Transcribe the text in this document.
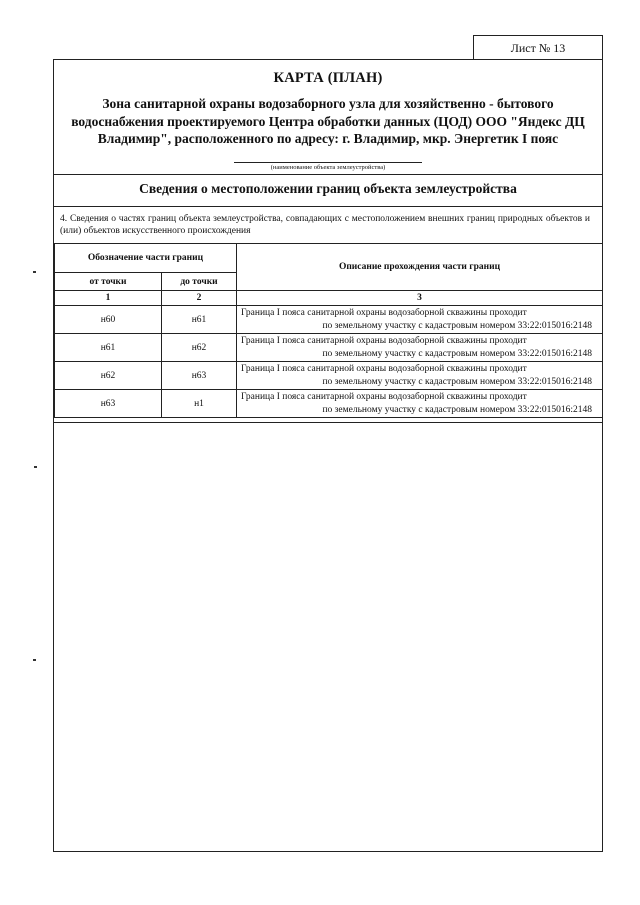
Лист № 13
КАРТА (ПЛАН)
Зона санитарной охраны водозаборного узла для хозяйственно - бытового водоснабжения проектируемого Центра обработки данных (ЦОД) ООО "Яндекс ДЦ Владимир", расположенного по адресу: г. Владимир, мкр. Энергетик I пояс
(наименование объекта землеустройства)
Сведения о местоположении границ объекта землеустройства
4. Сведения о частях границ объекта землеустройства, совпадающих с местоположением внешних границ природных объектов и (или) объектов искусственного происхождения
Обозначение части границ		Описание прохождения части границ
от точки	до точки	
1	2	3
н60	н61	Граница I пояса санитарной охраны водозаборной скважины проходит
по земельному участку с кадастровым номером 33:22:015016:2148

н61	н62	Граница I пояса санитарной охраны водозаборной скважины проходит
по земельному участку с кадастровым номером 33:22:015016:2148

н62	н63	Граница I пояса санитарной охраны водозаборной скважины проходит
по земельному участку с кадастровым номером 33:22:015016:2148

н63	н1	Граница I пояса санитарной охраны водозаборной скважины проходит
по земельному участку с кадастровым номером 33:22:015016:2148
